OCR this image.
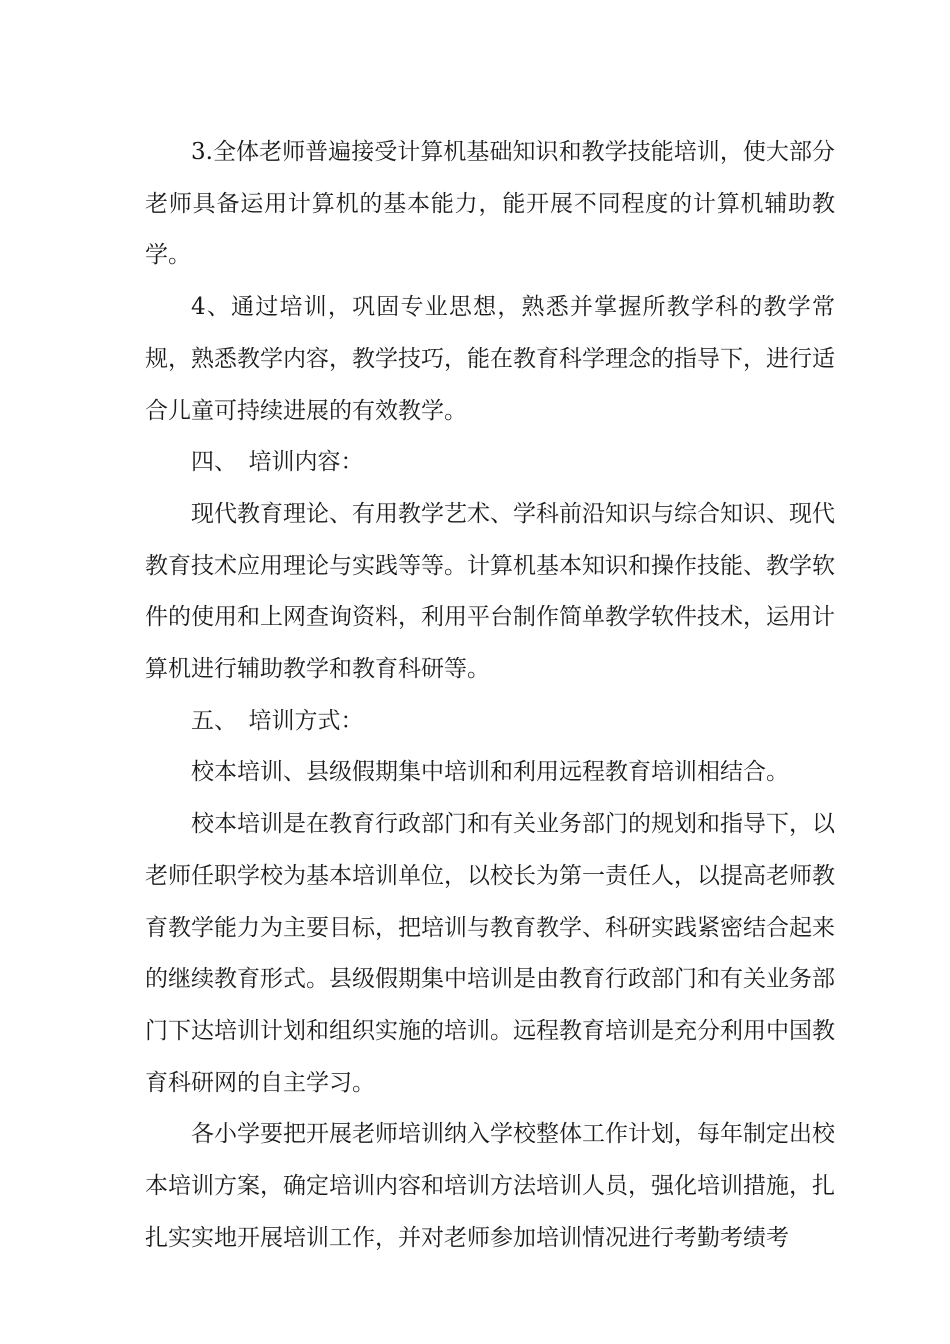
3.全体老师普遍接受计算机基础知识和教学技能培训，使大部分老师具备运用计算机的基本能力，能开展不同程度的计算机辅助教学。

4、通过培训，巩固专业思想，熟悉并掌握所教学科的教学常规，熟悉教学内容，教学技巧，能在教育科学理念的指导下，进行适合儿童可持续进展的有效教学。

四、　培训内容：

现代教育理论、有用教学艺术、学科前沿知识与综合知识、现代教育技术应用理论与实践等等。计算机基本知识和操作技能、教学软件的使用和上网查询资料，利用平台制作简单教学软件技术，运用计算机进行辅助教学和教育科研等。

五、　培训方式：

校本培训、县级假期集中培训和利用远程教育培训相结合。

校本培训是在教育行政部门和有关业务部门的规划和指导下，以老师任职学校为基本培训单位，以校长为第一责任人，以提高老师教育教学能力为主要目标，把培训与教育教学、科研实践紧密结合起来的继续教育形式。县级假期集中培训是由教育行政部门和有关业务部门下达培训计划和组织实施的培训。远程教育培训是充分利用中国教育科研网的自主学习。

各小学要把开展老师培训纳入学校整体工作计划，每年制定出校本培训方案，确定培训内容和培训方法培训人员，强化培训措施，扎扎实实地开展培训工作，并对老师参加培训情况进行考勤考绩考
